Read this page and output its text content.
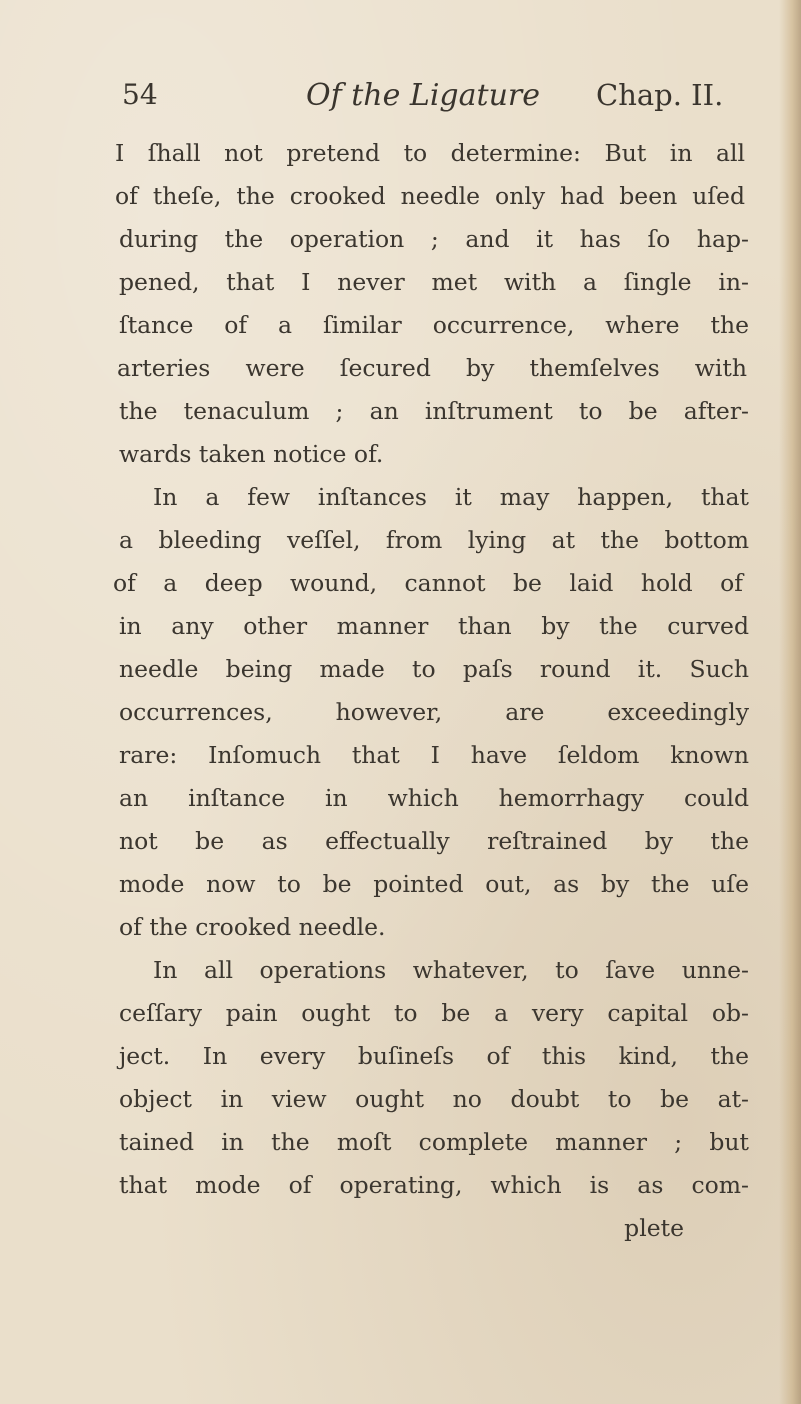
54	Of the Ligature Chap. II.
I ſhall not pretend to determine: But in all
of theſe, the crooked needle only had been uſed
during the operation ; and it has ſo hap-
pened, that I never met with a ſingle in-
ſtance of a ſimilar occurrence, where the
arteries were ſecured by themſelves with
the tenaculum ; an inſtrument to be after-
wards taken notice of.
In a few inſtances it may happen, that
a bleeding veſſel, from lying at the bottom
of a deep wound, cannot be laid hold of
in any other manner than by the curved
needle being made to paſs round it. Such
occurrences, however, are exceedingly
rare: Inſomuch that I have ſeldom known
an inſtance in which hemorrhagy could
not be as effectually reſtrained by the
mode now to be pointed out, as by the uſe
of the crooked needle.
In all operations whatever, to ſave unne-
ceſſary pain ought to be a very capital ob-
ject. In every buſineſs of this kind, the
object in view ought no doubt to be at-
tained in the moſt complete manner ; but
that mode of operating, which is as com-
plete
